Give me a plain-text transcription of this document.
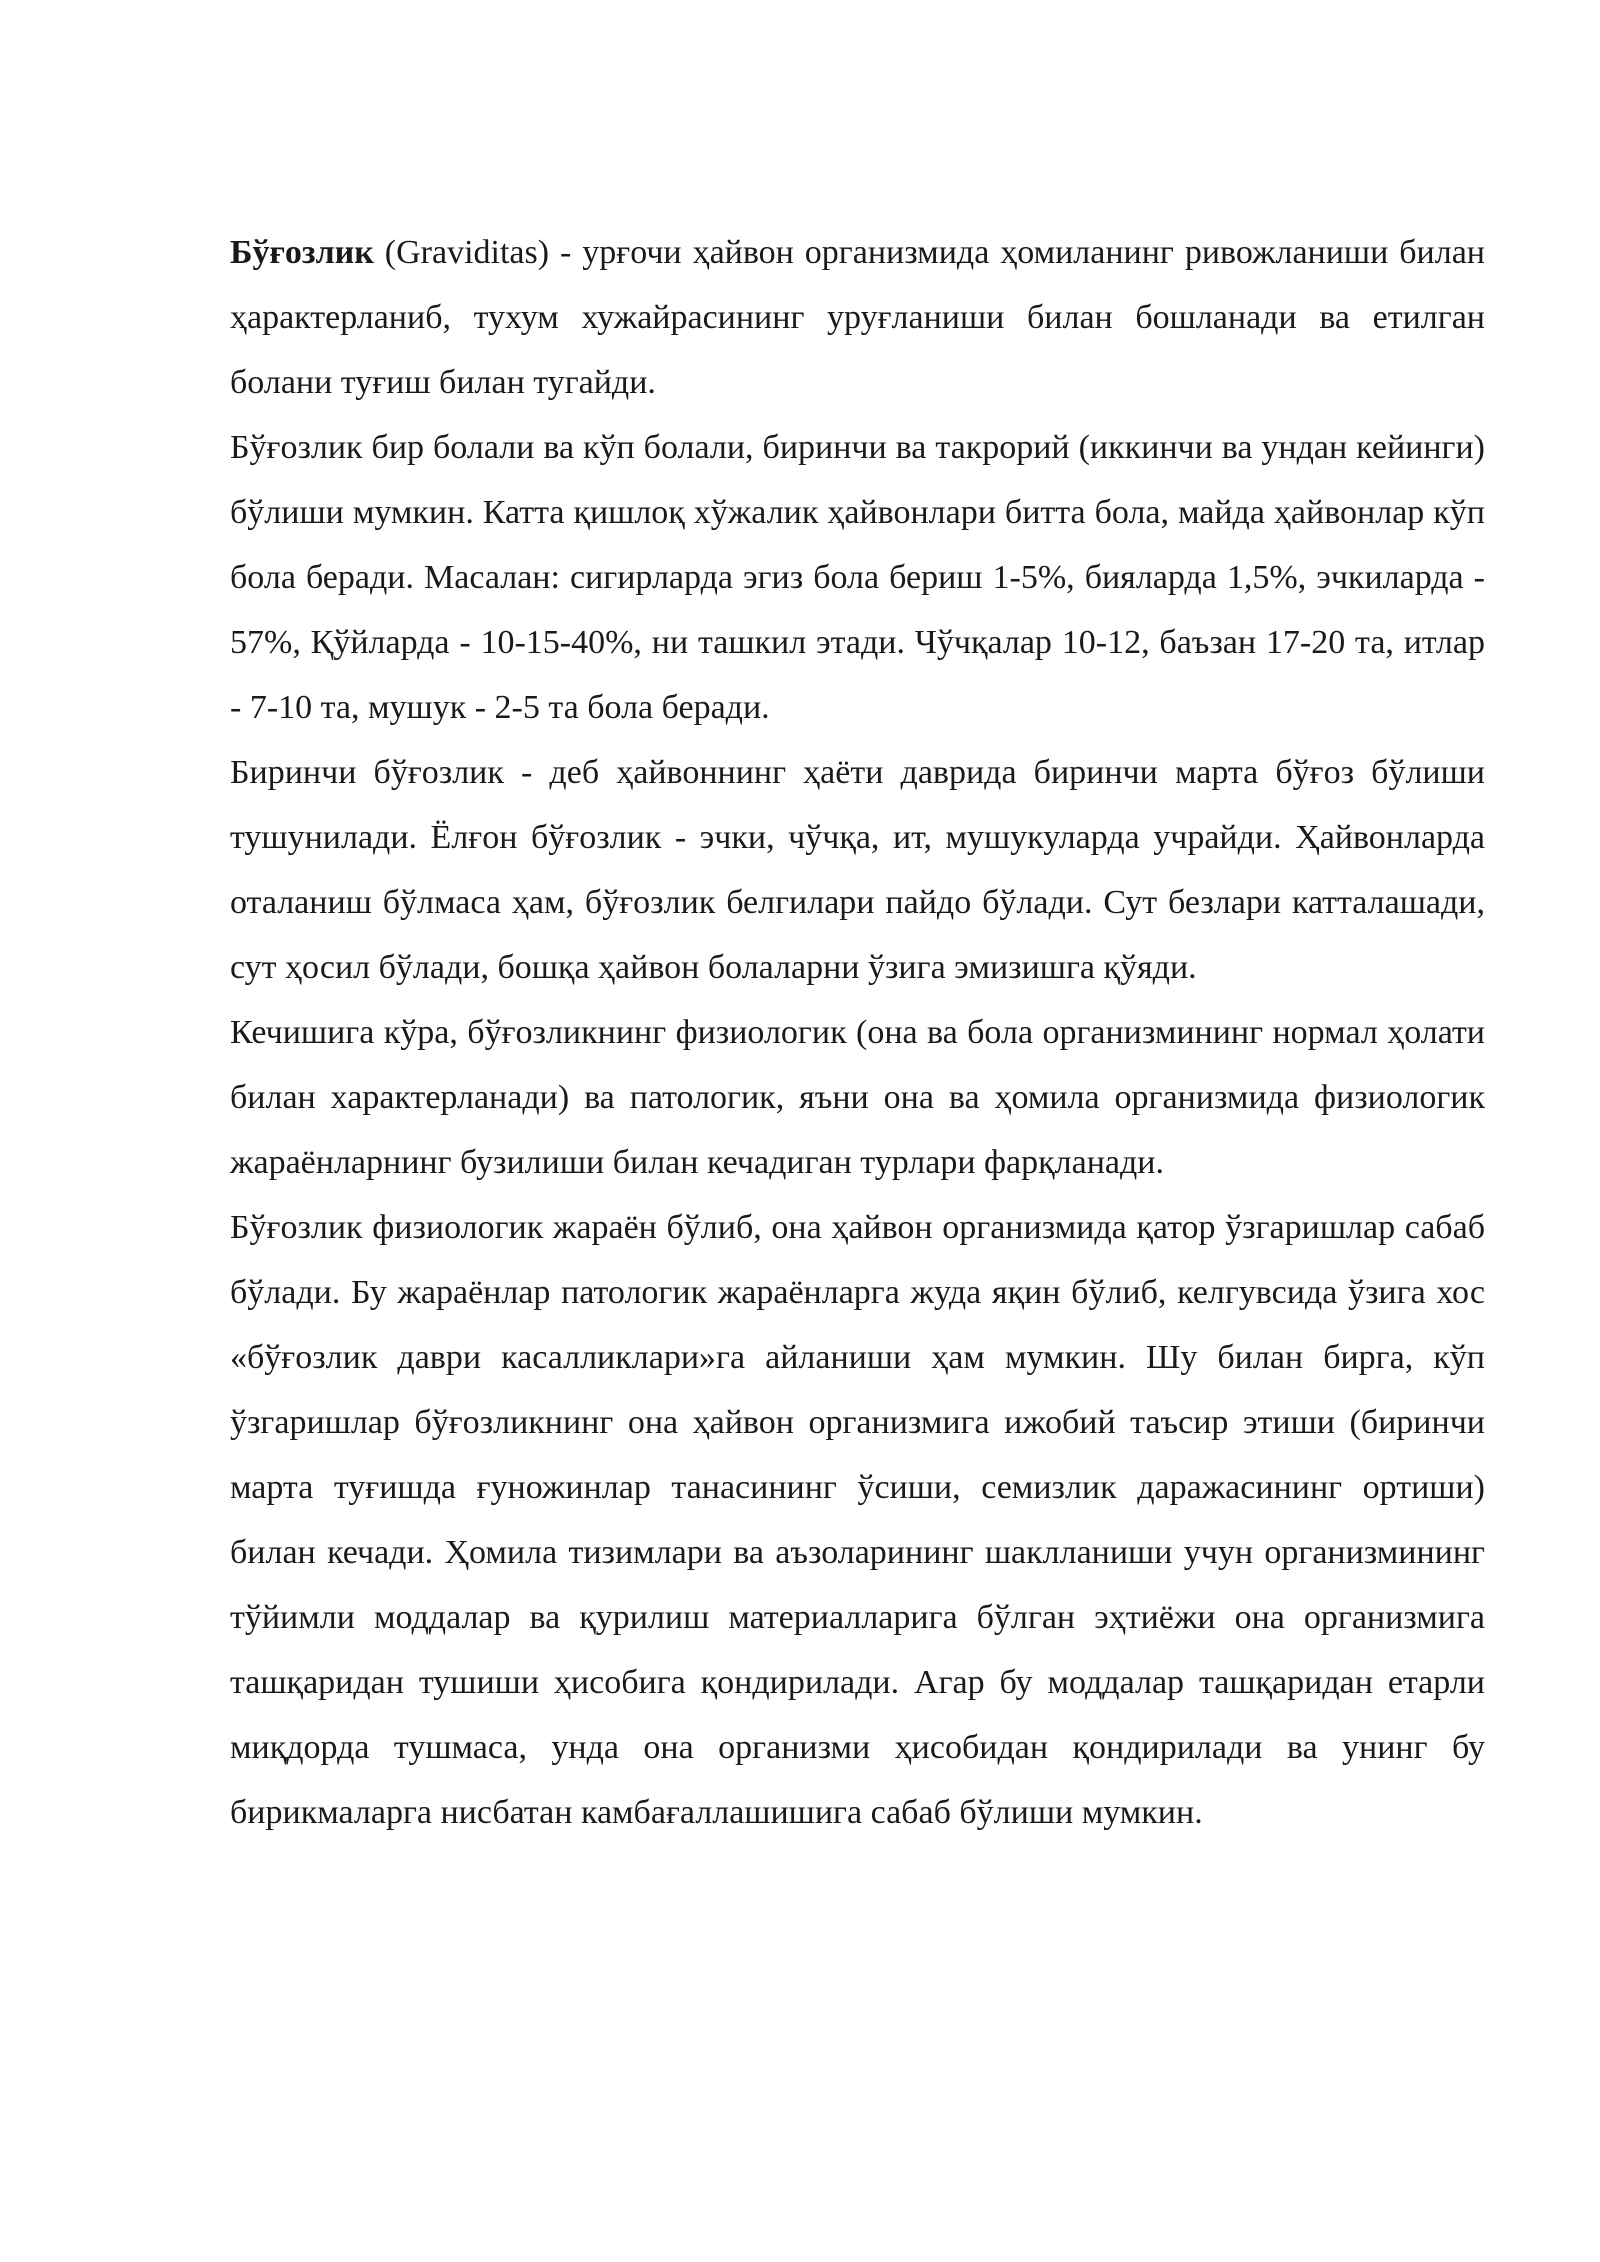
Бўғозлик (Graviditas) - урғочи ҳайвон организмида ҳомиланинг ривожланиши билан ҳарактерланиб, тухум хужайрасининг уруғланиши билан бошланади ва етилган болани туғиш билан тугайди.

Бўғозлик бир болали ва кўп болали, биринчи ва такрорий (иккинчи ва ундан кейинги) бўлиши мумкин. Катта қишлоқ хўжалик ҳайвонлари битта бола, майда ҳайвонлар кўп бола беради. Масалан: сигирларда эгиз бола бериш 1-5%, бияларда 1,5%, эчкиларда - 57%, Қўйларда - 10-15-40%, ни ташкил этади. Чўчқалар 10-12, баъзан 17-20 та, итлар - 7-10 та, мушук - 2-5 та бола беради.

Биринчи бўғозлик - деб ҳайвоннинг ҳаёти даврида биринчи марта бўғоз бўлиши тушунилади. Ёлғон бўғозлик - эчки, чўчқа, ит, мушукуларда учрайди. Ҳайвонларда оталаниш бўлмаса ҳам, бўғозлик белгилари пайдо бўлади. Сут безлари катталашади, сут ҳосил бўлади, бошқа ҳайвон болаларни ўзига эмизишга қўяди.

Кечишига кўра, бўғозликнинг физиологик (она ва бола организмининг нормал ҳолати билан характерланади) ва патологик, яъни она ва ҳомила организмида физиологик жараёнларнинг бузилиши билан кечадиган турлари фарқланади.

Бўғозлик физиологик жараён бўлиб, она ҳайвон организмида қатор ўзгаришлар сабаб бўлади. Бу жараёнлар патологик жараёнларга жуда яқин бўлиб, келгувсида ўзига хос «бўғозлик даври касалликлари»га айланиши ҳам мумкин. Шу билан бирга, кўп ўзгаришлар бўғозликнинг она ҳайвон организмига ижобий таъсир этиши (биринчи марта туғишда ғуножинлар танасининг ўсиши, семизлик даражасининг ортиши) билан кечади. Ҳомила тизимлари ва аъзоларининг шаклланиши учун организмининг тўйимли моддалар ва қурилиш материалларига бўлган эҳтиёжи она организмига ташқаридан тушиши ҳисобига қондирилади. Агар бу моддалар ташқаридан етарли миқдорда тушмаса, унда она организми ҳисобидан қондирилади ва унинг бу бирикмаларга нисбатан камбағаллашишига сабаб бўлиши мумкин.
